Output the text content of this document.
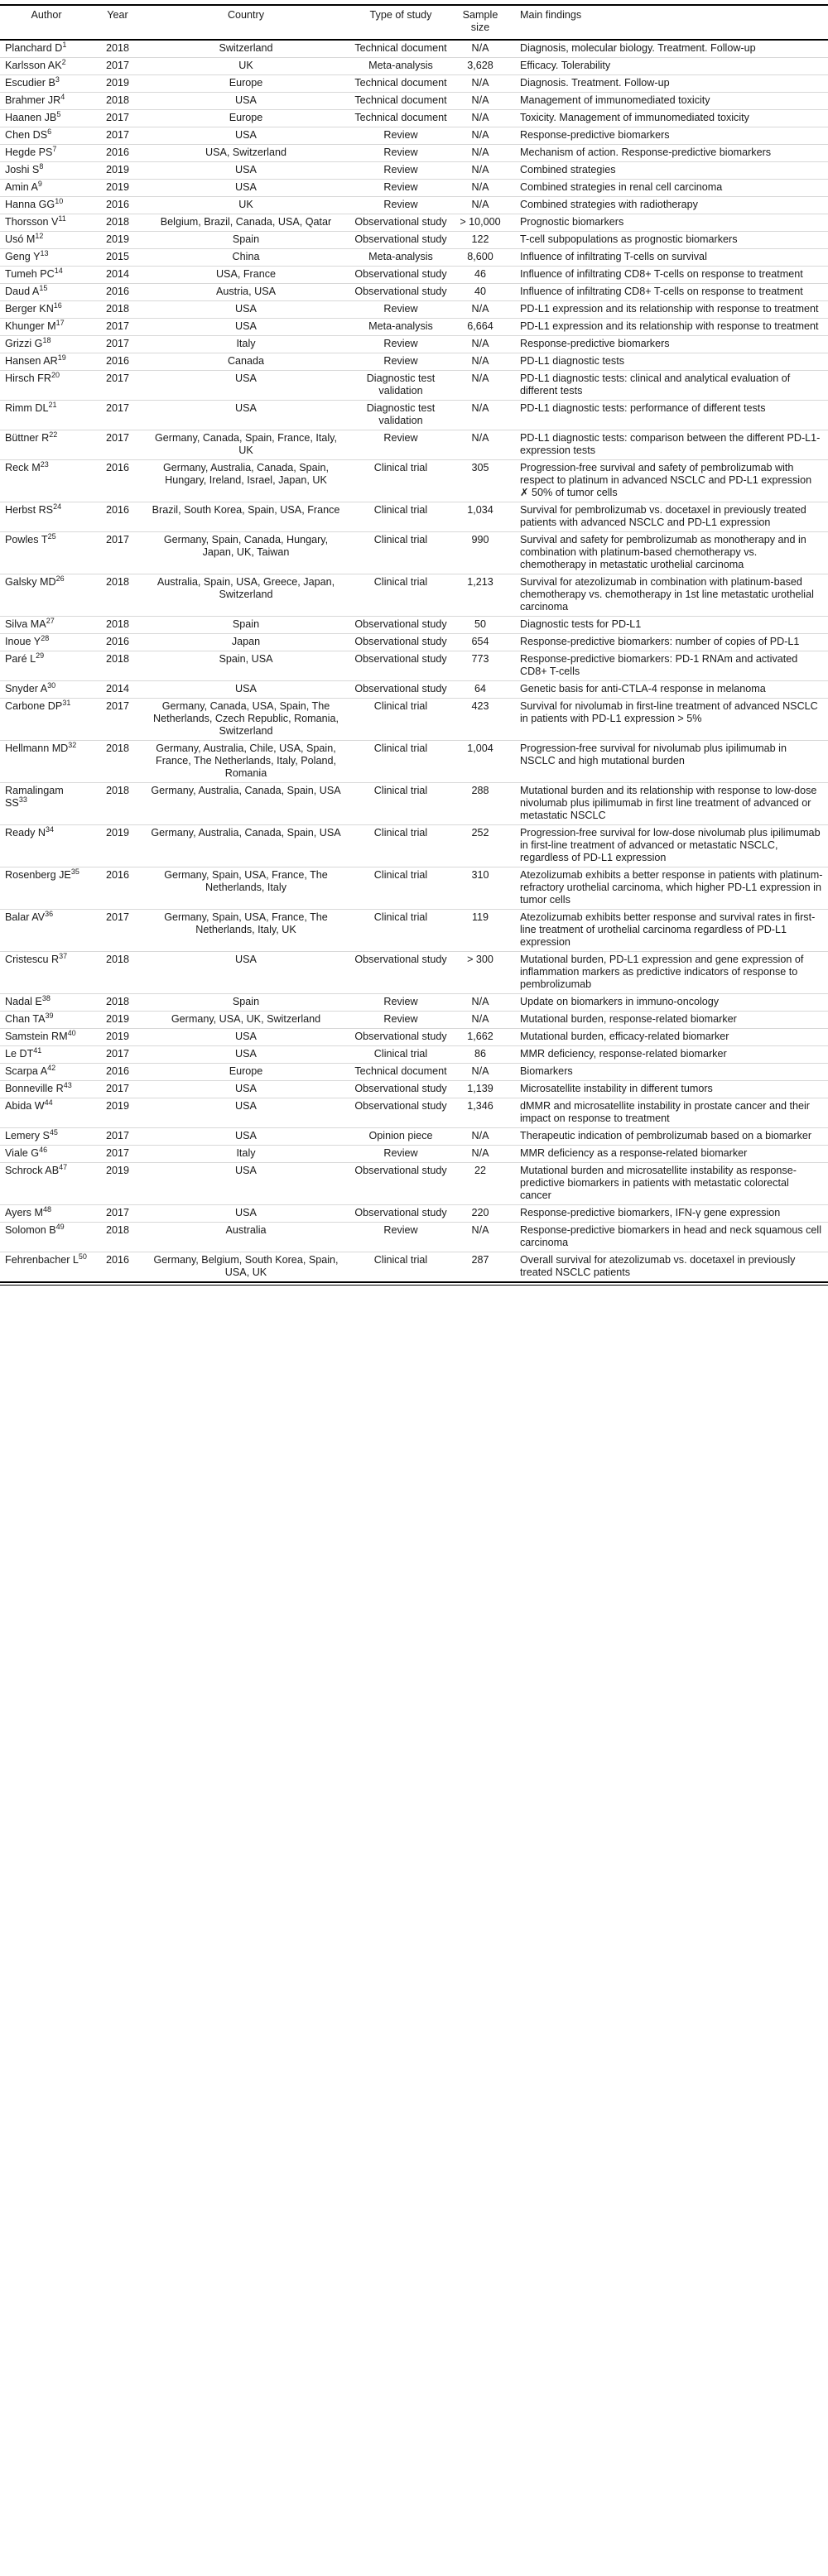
Author	Year	Country	Type of study	Sample size	Main findings
Planchard $D^1$	2018	Switzerland	Technical document	N/A	Diagnosis, molecular biology. Treatment. Follow-up
Karlsson $AK^2$	2017	UK	Meta-analysis	3,628	Efficacy. Tolerability
Escudier $B^3$	2019	Europe	Technical document	N/A	Diagnosis. Treatment. Follow-up
Brahmer $JR^4$	2018	USA	Technical document	N/A	Management of immunomediated toxicity
Haanen $JB^5$	2017	Europe	Technical document	N/A	Toxicity. Management of immunomediated toxicity
Chen $DS^6$	2017	USA	Review	N/A	Response-predictive biomarkers
Hegde $PS^7$	2016	USA, Switzerland	Review	N/A	Mechanism of action. Response-predictive biomarkers
Joshi $S^8$	2019	USA	Review	N/A	Combined strategies
Amin $A^9$	2019	USA	Review	N/A	Combined strategies in renal cell carcinoma
Hanna GG$^{10}$	2016	UK	Review	N/A	Combined strategies with radiotherapy
Thorsson $V^{11}$	2018	Belgium, Brazil, Canada, USA, Qatar	Observational study	> 10,000	Prognostic biomarkers
Usó $M^{12}$	2019	Spain	Observational study	122	T-cell subpopulations as prognostic biomarkers
Geng $Y^{13}$	2015	China	Meta-analysis	8,600	Influence of infiltrating T-cells on survival
Tumeh PC$^{14}$	2014	USA, France	Observational study	46	Influence of infiltrating CD8+ T-cells on response to treatment
Daud $A^{15}$	2016	Austria, USA	Observational study	40	Influence of infiltrating CD8+ T-cells on response to treatment
Berger KN$^{16}$	2018	USA	Review	N/A	PD-L1 expression and its relationship with response to treatment
Khunger $M^{17}$	2017	USA	Meta-analysis	6,664	PD-L1 expression and its relationship with response to treatment
Grizzi $G^{18}$	2017	Italy	Review	N/A	Response-predictive biomarkers
Hansen AR$^{19}$	2016	Canada	Review	N/A	PD-L1 diagnostic tests
Hirsch FR$^{20}$	2017	USA	Diagnostic test validation	N/A	PD-L1 diagnostic tests: clinical and analytical evaluation of different tests
Rimm DL$^{21}$	2017	USA	Diagnostic test validation	N/A	PD-L1 diagnostic tests: performance of different tests
Büttner $R^{22}$	2017	Germany, Canada, Spain, France, Italy, UK	Review	N/A	PD-L1 diagnostic tests: comparison between the different PD-L1-expression tests
Reck $M^{23}$	2016	Germany, Australia, Canada, Spain, Hungary, Ireland, Israel, Japan, UK	Clinical trial	305	Progression-free survival and safety of pembrolizumab with respect to platinum in advanced NSCLC and PD-L1 expression ✗ 50% of tumor cells
Herbst RS$^{24}$	2016	Brazil, South Korea, Spain, USA, France	Clinical trial	1,034	Survival for pembrolizumab vs. docetaxel in previously treated patients with advanced NSCLC and PD-L1 expression
Powles $T^{25}$	2017	Germany, Spain, Canada, Hungary, Japan, UK, Taiwan	Clinical trial	990	Survival and safety for pembrolizumab as monotherapy and in combination with platinum-based chemotherapy vs. chemotherapy in metastatic urothelial carcinoma
Galsky MD$^{26}$	2018	Australia, Spain, USA, Greece, Japan, Switzerland	Clinical trial	1,213	Survival for atezolizumab in combination with platinum-based chemotherapy vs. chemotherapy in 1st line metastatic urothelial carcinoma
Silva MA$^{27}$	2018	Spain	Observational study	50	Diagnostic tests for PD-L1
Inoue $Y^{28}$	2016	Japan	Observational study	654	Response-predictive biomarkers: number of copies of PD-L1
Paré $L^{29}$	2018	Spain, USA	Observational study	773	Response-predictive biomarkers: PD-1 RNAm and activated CD8+ T-cells
Snyder $A^{30}$	2014	USA	Observational study	64	Genetic basis for anti-CTLA-4 response in melanoma
Carbone DP$^{31}$	2017	Germany, Canada, USA, Spain, The Netherlands, Czech Republic, Romania, Switzerland	Clinical trial	423	Survival for nivolumab in first-line treatment of advanced NSCLC in patients with PD-L1 expression > 5%
Hellmann MD$^{32}$	2018	Germany, Australia, Chile, USA, Spain, France, The Netherlands, Italy, Poland, Romania	Clinical trial	1,004	Progression-free survival for nivolumab plus ipilimumab in NSCLC and high mutational burden
Ramalingam SS$^{33}$	2018	Germany, Australia, Canada, Spain, USA	Clinical trial	288	Mutational burden and its relationship with response to low-dose nivolumab plus ipilimumab in first line treatment of advanced or metastatic NSCLC
Ready $N^{34}$	2019	Germany, Australia, Canada, Spain, USA	Clinical trial	252	Progression-free survival for low-dose nivolumab plus ipilimumab in first-line treatment of advanced or metastatic NSCLC, regardless of PD-L1 expression
Rosenberg JE$^{35}$	2016	Germany, Spain, USA, France, The Netherlands, Italy	Clinical trial	310	Atezolizumab exhibits a better response in patients with platinum-refractory urothelial carcinoma, which higher PD-L1 expression in tumor cells
Balar AV$^{36}$	2017	Germany, Spain, USA, France, The Netherlands, Italy, UK	Clinical trial	119	Atezolizumab exhibits better response and survival rates in first-line treatment of urothelial carcinoma regardless of PD-L1 expression
Cristescu $R^{37}$	2018	USA	Observational study	> 300	Mutational burden, PD-L1 expression and gene expression of inflammation markers as predictive indicators of response to pembrolizumab
Nadal $E^{38}$	2018	Spain	Review	N/A	Update on biomarkers in immuno-oncology
Chan TA$^{39}$	2019	Germany, USA, UK, Switzerland	Review	N/A	Mutational burden, response-related biomarker
Samstein RM$^{40}$	2019	USA	Observational study	1,662	Mutational burden, efficacy-related biomarker
Le DT$^{41}$	2017	USA	Clinical trial	86	MMR deficiency, response-related biomarker
Scarpa $A^{42}$	2016	Europe	Technical document	N/A	Biomarkers
Bonneville $R^{43}$	2017	USA	Observational study	1,139	Microsatellite instability in different tumors
Abida $W^{44}$	2019	USA	Observational study	1,346	dMMR and microsatellite instability in prostate cancer and their impact on response to treatment
Lemery $S^{45}$	2017	USA	Opinion piece	N/A	Therapeutic indication of pembrolizumab based on a biomarker
Viale $G^{46}$	2017	Italy	Review	N/A	MMR deficiency as a response-related biomarker
Schrock AB$^{47}$	2019	USA	Observational study	22	Mutational burden and microsatellite instability as response-predictive biomarkers in patients with metastatic colorectal cancer
Ayers $M^{48}$	2017	USA	Observational study	220	Response-predictive biomarkers, IFN-γ gene expression
Solomon $B^{49}$	2018	Australia	Review	N/A	Response-predictive biomarkers in head and neck squamous cell carcinoma
Fehrenbacher $L^{50}$	2016	Germany, Belgium, South Korea, Spain, USA, UK	Clinical trial	287	Overall survival for atezolizumab vs. docetaxel in previously treated NSCLC patients
